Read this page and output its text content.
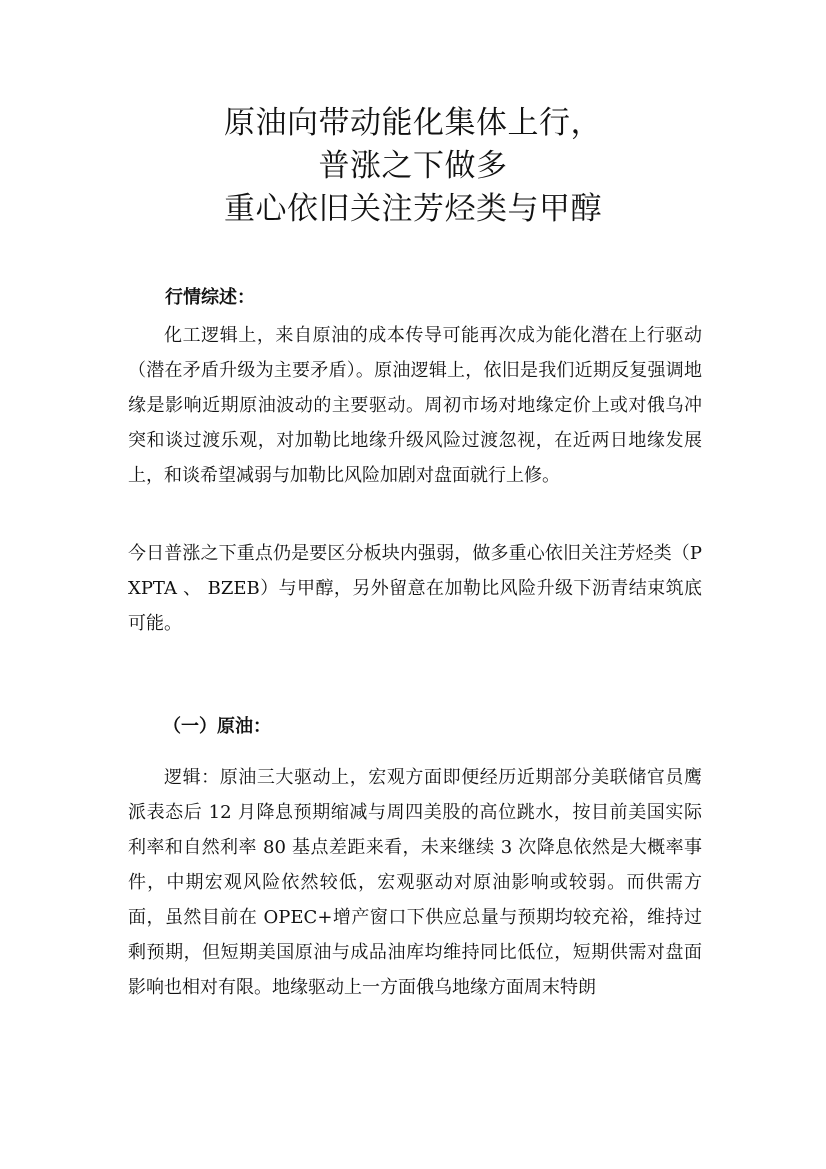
原油向带动能化集体上行，
普涨之下做多
重心依旧关注芳烃类与甲醇
行情综述：
化工逻辑上，来自原油的成本传导可能再次成为能化潜在上行驱动（潜在矛盾升级为主要矛盾）。原油逻辑上，依旧是我们近期反复强调地缘是影响近期原油波动的主要驱动。周初市场对地缘定价上或对俄乌冲突和谈过渡乐观，对加勒比地缘升级风险过渡忽视，在近两日地缘发展上，和谈希望减弱与加勒比风险加剧对盘面就行上修。
今日普涨之下重点仍是要区分板块内强弱，做多重心依旧关注芳烃类（PXPTA 、 BZEB）与甲醇，另外留意在加勒比风险升级下沥青结束筑底可能。
（一）原油：
逻辑：原油三大驱动上，宏观方面即便经历近期部分美联储官员鹰派表态后 12 月降息预期缩减与周四美股的高位跳水，按目前美国实际利率和自然利率 80 基点差距来看，未来继续 3 次降息依然是大概率事件，中期宏观风险依然较低，宏观驱动对原油影响或较弱。而供需方面，虽然目前在 OPEC+增产窗口下供应总量与预期均较充裕，维持过剩预期，但短期美国原油与成品油库均维持同比低位，短期供需对盘面影响也相对有限。地缘驱动上一方面俄乌地缘方面周末特朗
